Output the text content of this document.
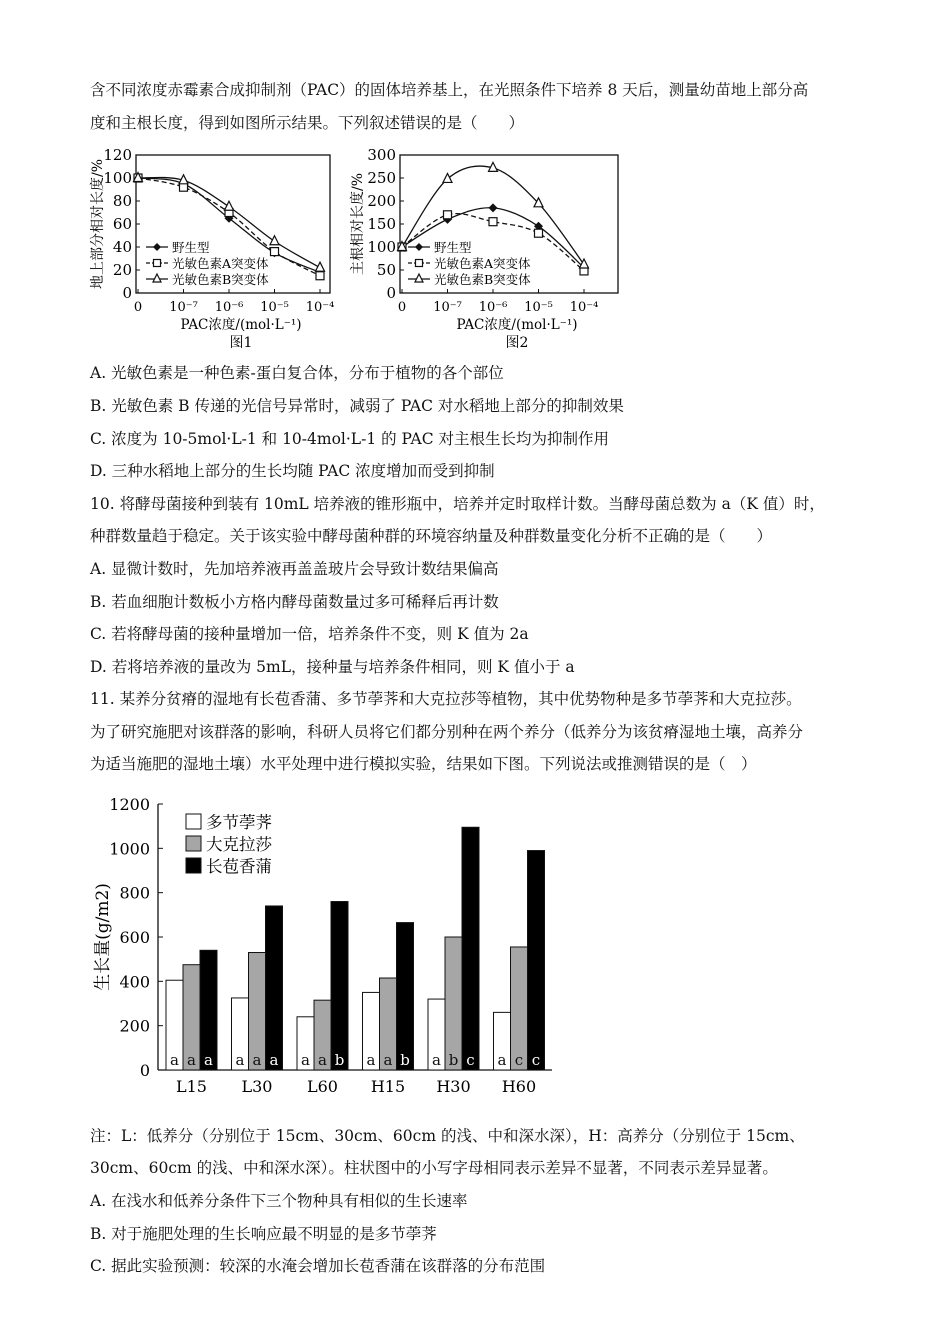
含不同浓度赤霉素合成抑制剂（PAC）的固体培养基上，在光照条件下培养 8 天后，测量幼苗地上部分高
度和主根长度，得到如图所示结果。下列叙述错误的是（　　）
0
20
40
60
80
100
120
0 10⁻⁷ 10⁻⁶ 10⁻⁵ 10⁻⁴
PAC浓度/(mol·L⁻¹)
图1
地上部分相对长度/%	野生型
光敏色素A突变体
光敏色素B突变体
0
50
100
150
200
250
300
0 10⁻⁷ 10⁻⁶ 10⁻⁵ 10⁻⁴
PAC浓度/(mol·L⁻¹)
图2
主根相对长度/%	野生型
光敏色素A突变体
光敏色素B突变体
A. 光敏色素是一种色素-蛋白复合体，分布于植物的各个部位
B. 光敏色素 B 传递的光信号异常时，减弱了 PAC 对水稻地上部分的抑制效果
C. 浓度为 10-5mol·L-1 和 10-4mol·L-1 的 PAC 对主根生长均为抑制作用
D. 三种水稻地上部分的生长均随 PAC 浓度增加而受到抑制
10. 将酵母菌接种到装有 10mL 培养液的锥形瓶中，培养并定时取样计数。当酵母菌总数为 a（K 值）时，
种群数量趋于稳定。关于该实验中酵母菌种群的环境容纳量及种群数量变化分析不正确的是（　　）
A. 显微计数时，先加培养液再盖盖玻片会导致计数结果偏高
B. 若血细胞计数板小方格内酵母菌数量过多可稀释后再计数
C. 若将酵母菌的接种量增加一倍，培养条件不变，则 K 值为 2a
D. 若将培养液的量改为 5mL，接种量与培养条件相同，则 K 值小于 a
11. 某养分贫瘠的湿地有长苞香蒲、多节荸荠和大克拉莎等植物，其中优势物种是多节荸荠和大克拉莎。
为了研究施肥对该群落的影响，科研人员将它们都分别种在两个养分（低养分为该贫瘠湿地土壤，高养分
为适当施肥的湿地土壤）水平处理中进行模拟实验，结果如下图。下列说法或推测错误的是（　）
0
200
400
600
800
1000
1200
生长量(g/m2)
a a a
L15
a a a
L30
a a b
L60
a a b
H15
a b c
H30
a c c
H60
多节荸荠
大克拉莎
长苞香蒲
注：L：低养分（分别位于 15cm、30cm、60cm 的浅、中和深水深），H：高养分（分别位于 15cm、
30cm、60cm 的浅、中和深水深）。柱状图中的小写字母相同表示差异不显著，不同表示差异显著。
A. 在浅水和低养分条件下三个物种具有相似的生长速率
B. 对于施肥处理的生长响应最不明显的是多节荸荠
C. 据此实验预测：较深的水淹会增加长苞香蒲在该群落的分布范围
